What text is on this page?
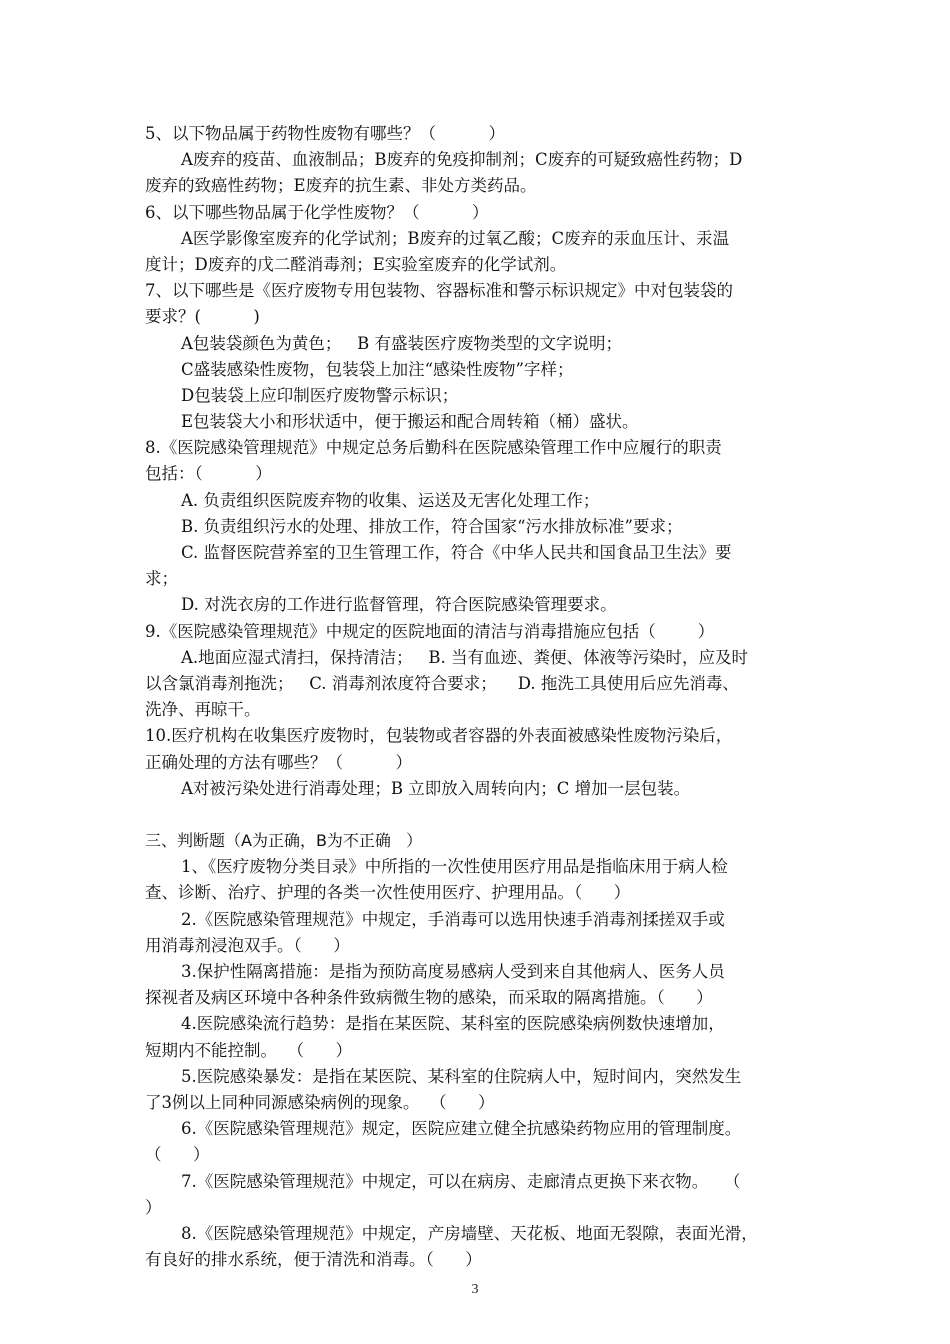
5、以下物品属于药物性废物有哪些？（          ）
A废弃的疫苗、血液制品；B废弃的免疫抑制剂；C废弃的可疑致癌性药物；D
废弃的致癌性药物；E废弃的抗生素、非处方类药品。
6、以下哪些物品属于化学性废物？（          ）
A医学影像室废弃的化学试剂；B废弃的过氧乙酸；C废弃的汞血压计、汞温
度计；D废弃的戊二醛消毒剂；E实验室废弃的化学试剂。
7、以下哪些是《医疗废物专用包装物、容器标准和警示标识规定》中对包装袋的
要求？(          )
A包装袋颜色为黄色；   B 有盛装医疗废物类型的文字说明；
C盛装感染性废物，包装袋上加注“感染性废物”字样；
D包装袋上应印制医疗废物警示标识；
E包装袋大小和形状适中，便于搬运和配合周转箱（桶）盛状。
8.《医院感染管理规范》中规定总务后勤科在医院感染管理工作中应履行的职责
包括：（          ）
A. 负责组织医院废弃物的收集、运送及无害化处理工作；
B. 负责组织污水的处理、排放工作，符合国家“污水排放标准”要求；
C. 监督医院营养室的卫生管理工作，符合《中华人民共和国食品卫生法》要
求；
D. 对洗衣房的工作进行监督管理，符合医院感染管理要求。
9.《医院感染管理规范》中规定的医院地面的清洁与消毒措施应包括（        ）
A.地面应湿式清扫，保持清洁；   B. 当有血迹、粪便、体液等污染时，应及时
以含氯消毒剂拖洗；   C. 消毒剂浓度符合要求；    D. 拖洗工具使用后应先消毒、
洗净、再晾干。
10.医疗机构在收集医疗废物时，包装物或者容器的外表面被感染性废物污染后，
正确处理的方法有哪些？（          ）
A对被污染处进行消毒处理；B 立即放入周转向内；C 增加一层包装。
三、判断题（A为正确，B为不正确   ）
1、《医疗废物分类目录》中所指的一次性使用医疗用品是指临床用于病人检
查、诊断、治疗、护理的各类一次性使用医疗、护理用品。（      ）
2.《医院感染管理规范》中规定，手消毒可以选用快速手消毒剂揉搓双手或
用消毒剂浸泡双手。（      ）
3.保护性隔离措施：是指为预防高度易感病人受到来自其他病人、医务人员
探视者及病区环境中各种条件致病微生物的感染，而采取的隔离措施。（      ）
4.医院感染流行趋势：是指在某医院、某科室的医院感染病例数快速增加，
短期内不能控制。  （      ）
5.医院感染暴发：是指在某医院、某科室的住院病人中，短时间内，突然发生
了3例以上同种同源感染病例的现象。  （      ）
6.《医院感染管理规范》规定，医院应建立健全抗感染药物应用的管理制度。
（      ）
7.《医院感染管理规范》中规定，可以在病房、走廊清点更换下来衣物。   （
）
8.《医院感染管理规范》中规定，产房墙壁、天花板、地面无裂隙，表面光滑，
有良好的排水系统，便于清洗和消毒。（      ）
3
